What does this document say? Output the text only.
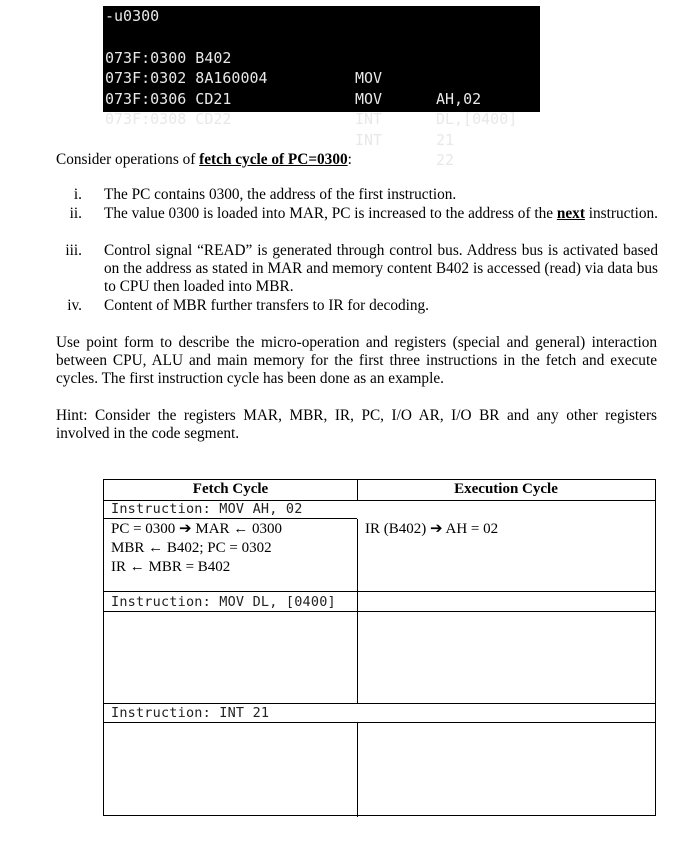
-u0300

073F:0300 B402

MOV

AH,02

073F:0302 8A160004

MOV

DL,[0400]

073F:0306 CD21

INT

21

073F:0308 CD22

INT

22

Consider operations of fetch cycle of PC=0300:
i. The PC contains 0300, the address of the first instruction.
ii. The value 0300 is loaded into MAR, PC is increased to the address of the next instruction.
iii. Control signal “READ” is generated through control bus. Address bus is activated based on the address as stated in MAR and memory content B402 is accessed (read) via data bus to CPU then loaded into MBR.
iv. Content of MBR further transfers to IR for decoding.
Use point form to describe the micro-operation and registers (special and general) interaction between CPU, ALU and main memory for the first three instructions in the fetch and execute cycles. The first instruction cycle has been done as an example.
Hint: Consider the registers MAR, MBR, IR, PC, I/O AR, I/O BR and any other registers involved in the code segment.
Fetch Cycle	Execution Cycle
Instruction: MOV AH, 02
PC = 0300 ➔ MAR ← 0300
MBR ← B402; PC = 0302
IR ← MBR = B402
IR (B402) ➔ AH = 02
Instruction: MOV DL, [0400]
Instruction: INT 21
